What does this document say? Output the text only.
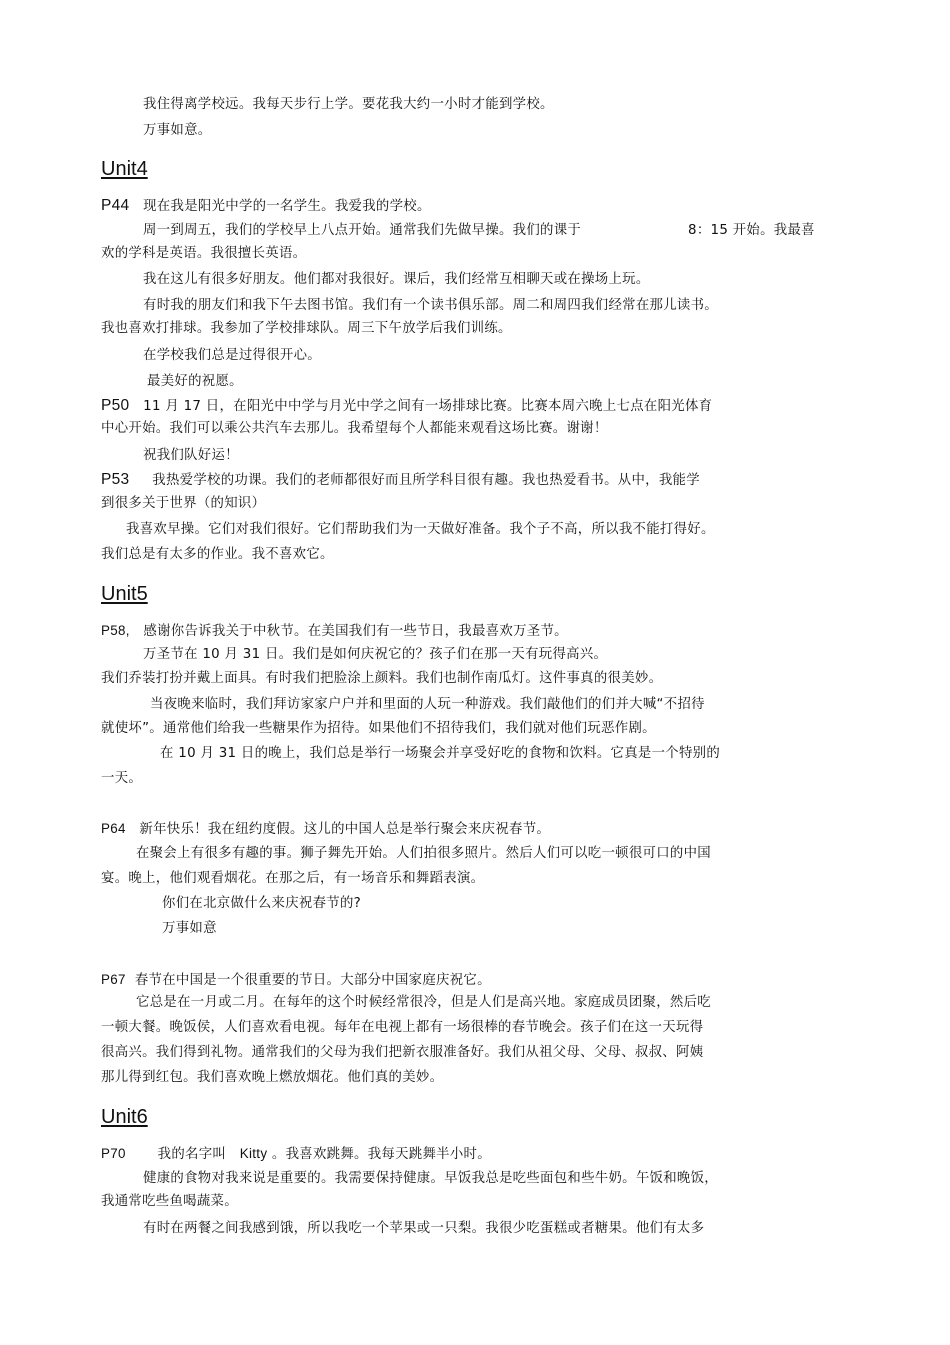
我住得离学校远。我每天步行上学。要花我大约一小时才能到学校。
万事如意。
Unit4
P44 现在我是阳光中学的一名学生。我爱我的学校。
周一到周五，我们的学校早上八点开始。通常我们先做早操。我们的课于	8：15 开始。我最喜
欢的学科是英语。我很擅长英语。
我在这儿有很多好朋友。他们都对我很好。课后，我们经常互相聊天或在操场上玩。
有时我的朋友们和我下午去图书馆。我们有一个读书俱乐部。周二和周四我们经常在那儿读书。
我也喜欢打排球。我参加了学校排球队。周三下午放学后我们训练。
在学校我们总是过得很开心。
最美好的祝愿。
P50 11 月 17 日，在阳光中中学与月光中学之间有一场排球比赛。比赛本周六晚上七点在阳光体育
中心开始。我们可以乘公共汽车去那儿。我希望每个人都能来观看这场比赛。谢谢！
祝我们队好运！
P53 我热爱学校的功课。我们的老师都很好而且所学科目很有趣。我也热爱看书。从中，我能学
到很多关于世界（的知识）
我喜欢早操。它们对我们很好。它们帮助我们为一天做好准备。我个子不高，所以我不能打得好。
我们总是有太多的作业。我不喜欢它。
Unit5
P58, 感谢你告诉我关于中秋节。在美国我们有一些节日，我最喜欢万圣节。
万圣节在 10 月 31 日。我们是如何庆祝它的？孩子们在那一天有玩得高兴。
我们乔装打扮并戴上面具。有时我们把脸涂上颜料。我们也制作南瓜灯。这件事真的很美妙。
当夜晚来临时，我们拜访家家户户并和里面的人玩一种游戏。我们敲他们的们并大喊“不招待
就使坏”。通常他们给我一些糖果作为招待。如果他们不招待我们，我们就对他们玩恶作剧。
在 10 月 31 日的晚上，我们总是举行一场聚会并享受好吃的食物和饮料。它真是一个特别的
一天。
P64 新年快乐！我在纽约度假。这儿的中国人总是举行聚会来庆祝春节。
在聚会上有很多有趣的事。狮子舞先开始。人们拍很多照片。然后人们可以吃一顿很可口的中国
宴。晚上，他们观看烟花。在那之后，有一场音乐和舞蹈表演。
你们在北京做什么来庆祝春节的?
万事如意
P67 春节在中国是一个很重要的节日。大部分中国家庭庆祝它。
它总是在一月或二月。在每年的这个时候经常很冷，但是人们是高兴地。家庭成员团聚，然后吃
一顿大餐。晚饭侯，人们喜欢看电视。每年在电视上都有一场很棒的春节晚会。孩子们在这一天玩得
很高兴。我们得到礼物。通常我们的父母为我们把新衣服准备好。我们从祖父母、父母、叔叔、阿姨
那儿得到红包。我们喜欢晚上燃放烟花。他们真的美妙。
Unit6
P70 我的名字叫 Kitty 。我喜欢跳舞。我每天跳舞半小时。
健康的食物对我来说是重要的。我需要保持健康。早饭我总是吃些面包和些牛奶。午饭和晚饭，
我通常吃些鱼喝蔬菜。
有时在两餐之间我感到饿，所以我吃一个苹果或一只梨。我很少吃蛋糕或者糖果。他们有太多
